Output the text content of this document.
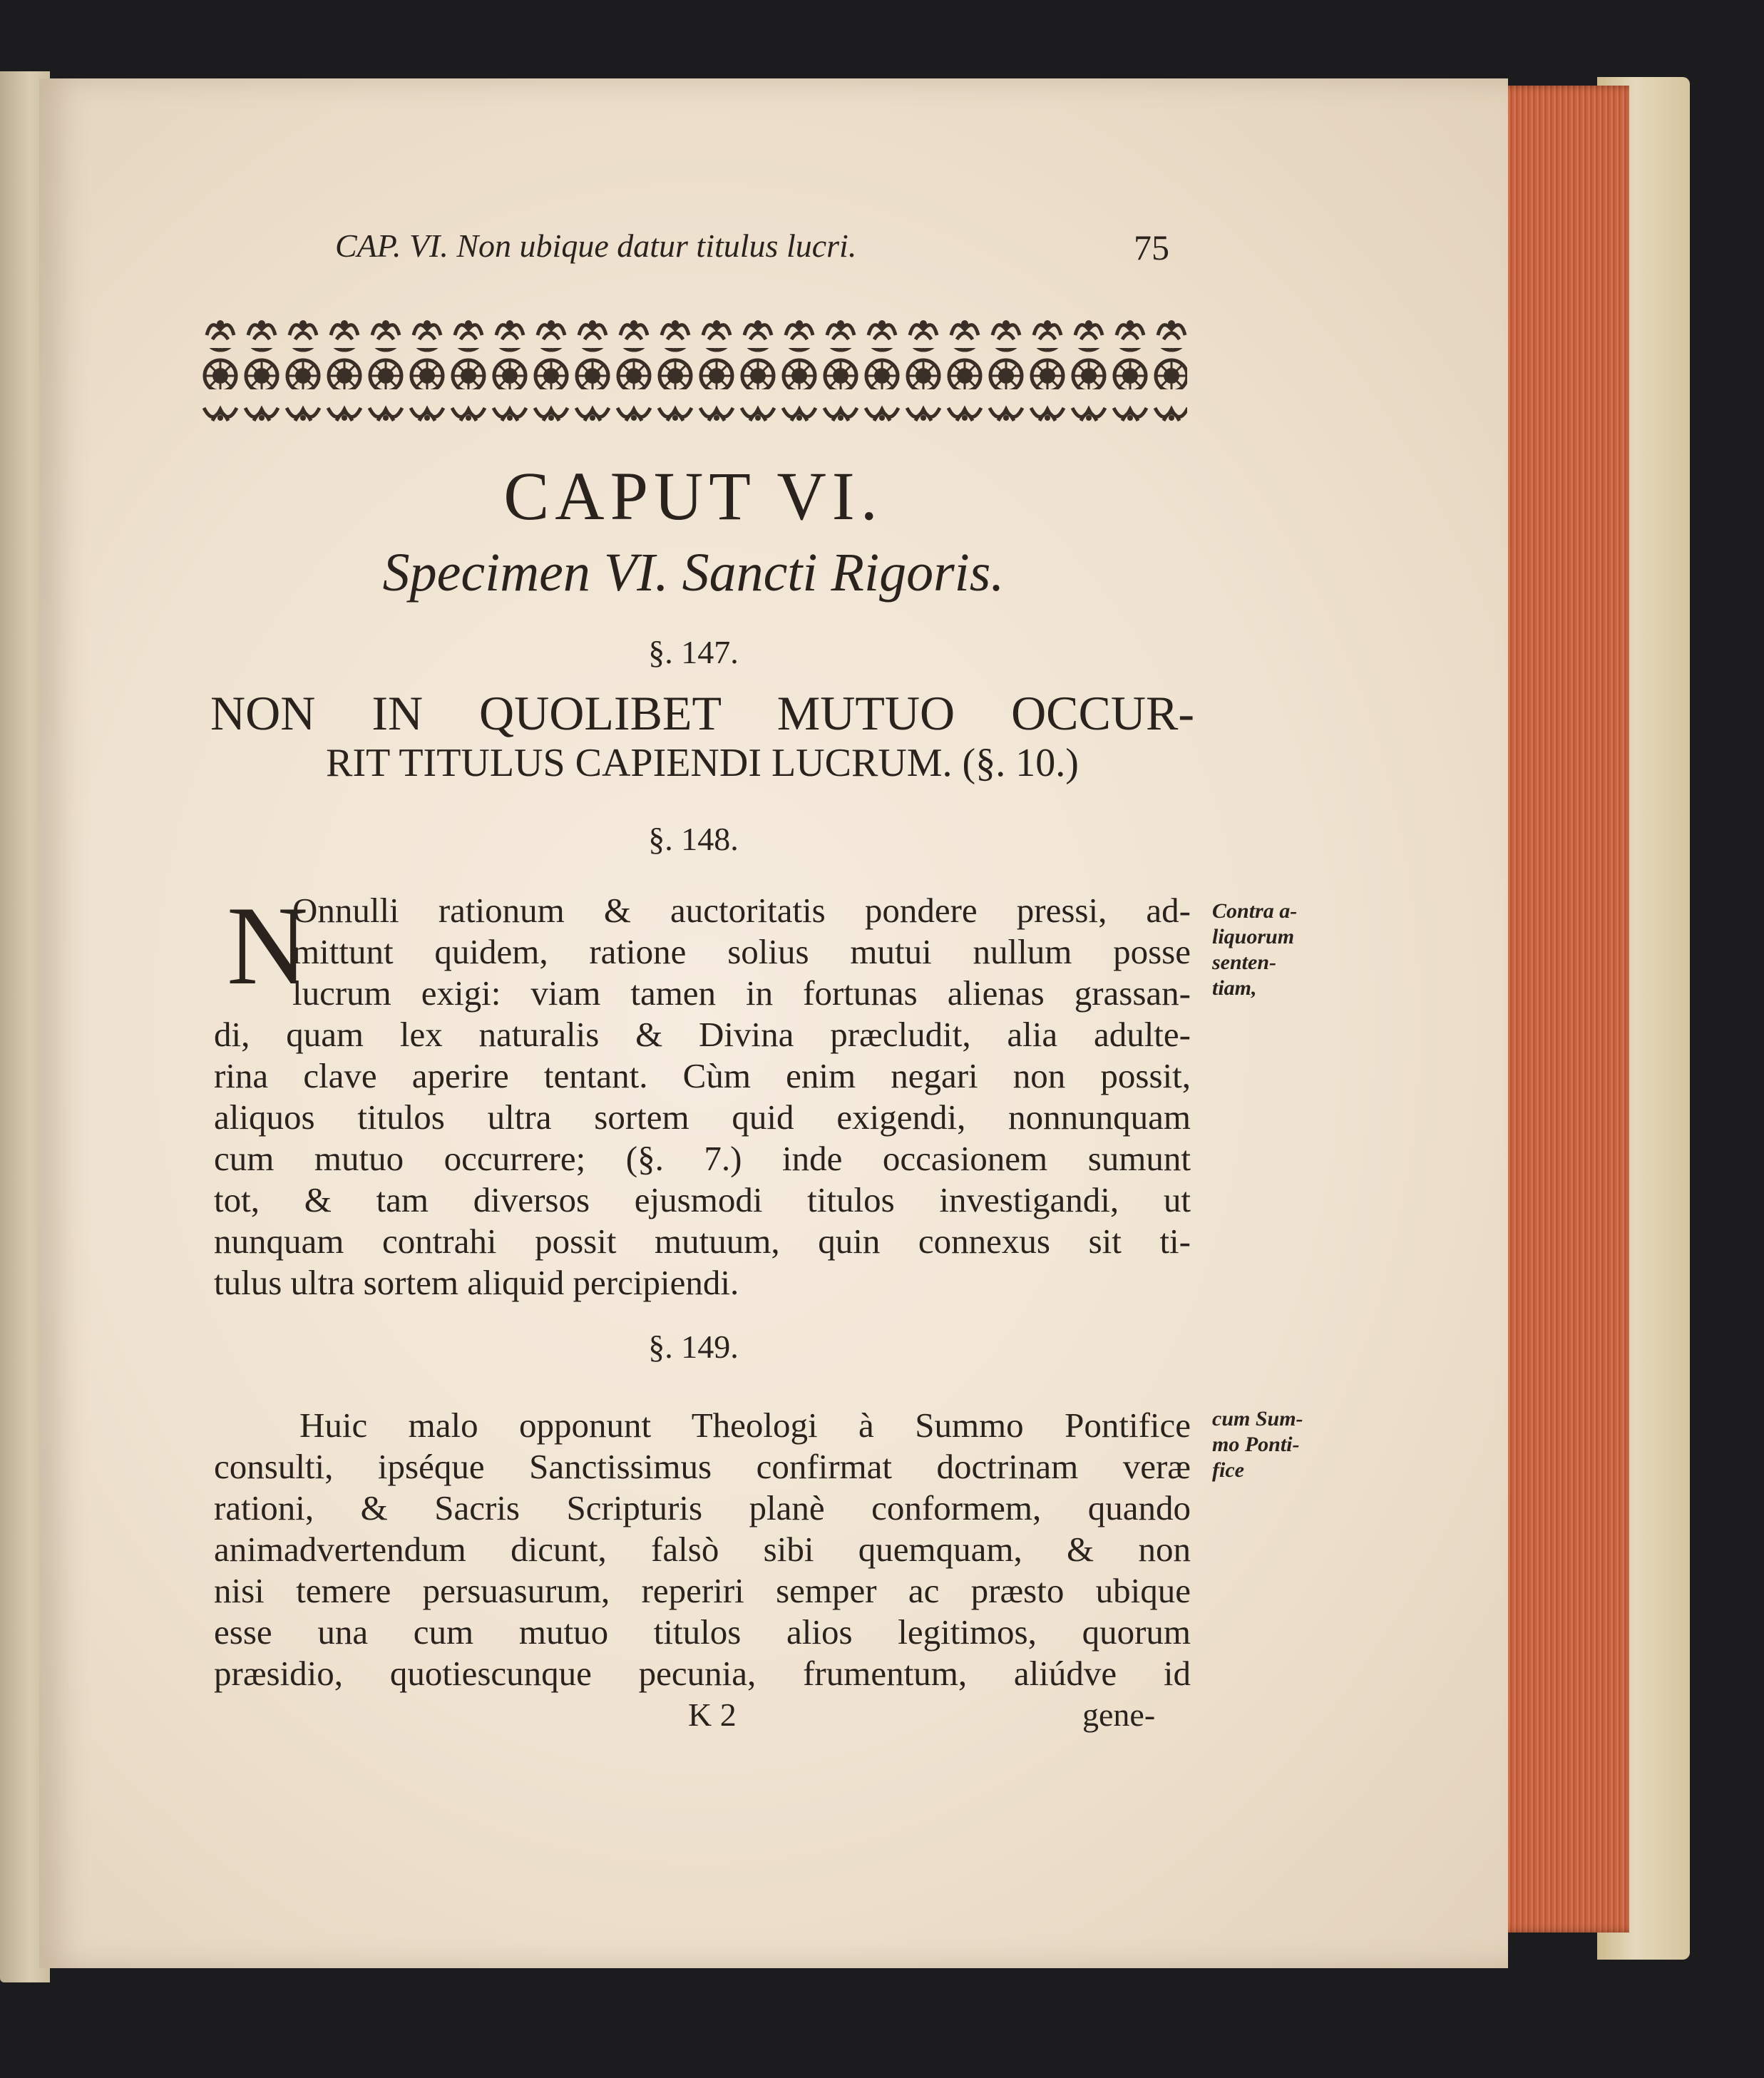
CAP. VI. Non ubique datur titulus lucri.	75
CAPUT VI.
Specimen VI. Sancti Rigoris.
§. 147.
NON IN QUOLIBET MUTUO OCCUR-
RIT TITULUS CAPIENDI LUCRUM. (§. 10.)
§. 148.
N
Onnulli rationum & auctoritatis pondere pressi, ad-
mittunt quidem, ratione solius mutui nullum posse
lucrum exigi: viam tamen in fortunas alienas grassan-
di, quam lex naturalis & Divina præcludit, alia adulte-
rina clave aperire tentant. Cùm enim negari non possit,
aliquos titulos ultra sortem quid exigendi, nonnunquam
cum mutuo occurrere; (§. 7.) inde occasionem sumunt
tot, & tam diversos ejusmodi titulos investigandi, ut
nunquam contrahi possit mutuum, quin connexus sit ti-
tulus ultra sortem aliquid percipiendi.
Contra a-
liquorum
senten-
tiam,
§. 149.
Huic malo opponunt Theologi à Summo Pontifice
consulti, ipséque Sanctissimus confirmat doctrinam veræ
rationi, & Sacris Scripturis planè conformem, quando
animadvertendum dicunt, falsò sibi quemquam, & non
nisi temere persuasurum, reperiri semper ac præsto ubique
esse una cum mutuo titulos alios legitimos, quorum
præsidio, quotiescunque pecunia, frumentum, aliúdve id
cum Sum-
mo Ponti-
fice
K 2	gene-
